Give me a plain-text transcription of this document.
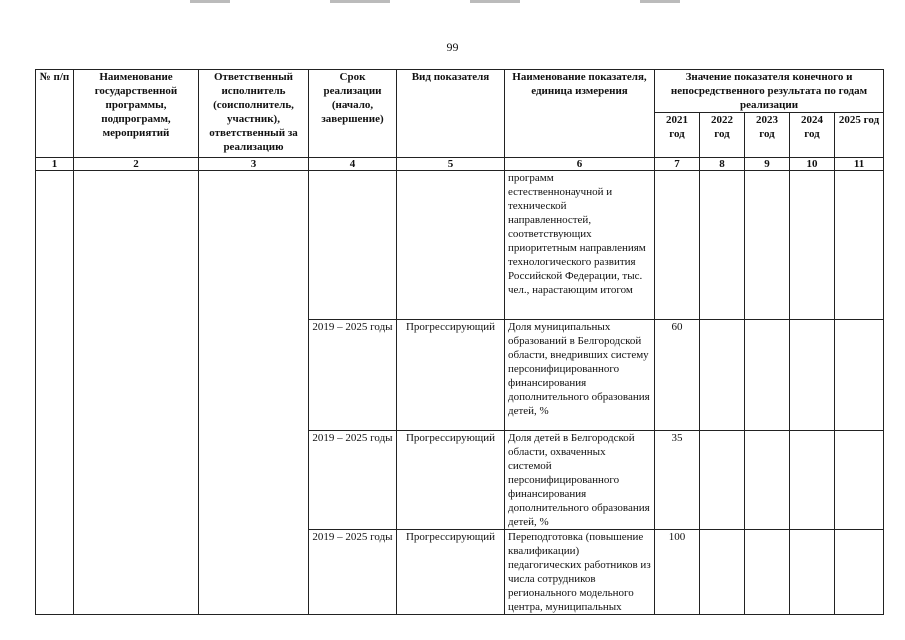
99
№ п/п	Наименование государственной программы, подпрограмм, мероприятий	Ответственный исполнитель (соисполнитель, участник), ответственный за реализацию	Срок реализации (начало, завершение)	Вид показателя	Наименование показателя, единица измерения	Значение показателя конечного и непосредственного результата по годам реализации				
						2021 год	2022 год	2023 год	2024 год	2025 год
1	2	3	4	5	6	7	8	9	10	11
					программ естественнонаучной и технической направленностей, соответствующих приоритетным направлениям технологического развития Российской Федерации, тыс. чел., нарастающим итогом					
			2019 – 2025 годы	Прогрессирующий	Доля муниципальных образований в Белгородской области, внедривших систему персонифицированного финансирования дополнительного образования детей, %	60				
			2019 – 2025 годы	Прогрессирующий	Доля детей в Белгородской области, охваченных системой персонифицированного финансирования дополнительного образования детей, %	35				
			2019 – 2025 годы	Прогрессирующий	Переподготовка (повышение квалификации) педагогических работников из числа сотрудников регионального модельного центра, муниципальных	100				
